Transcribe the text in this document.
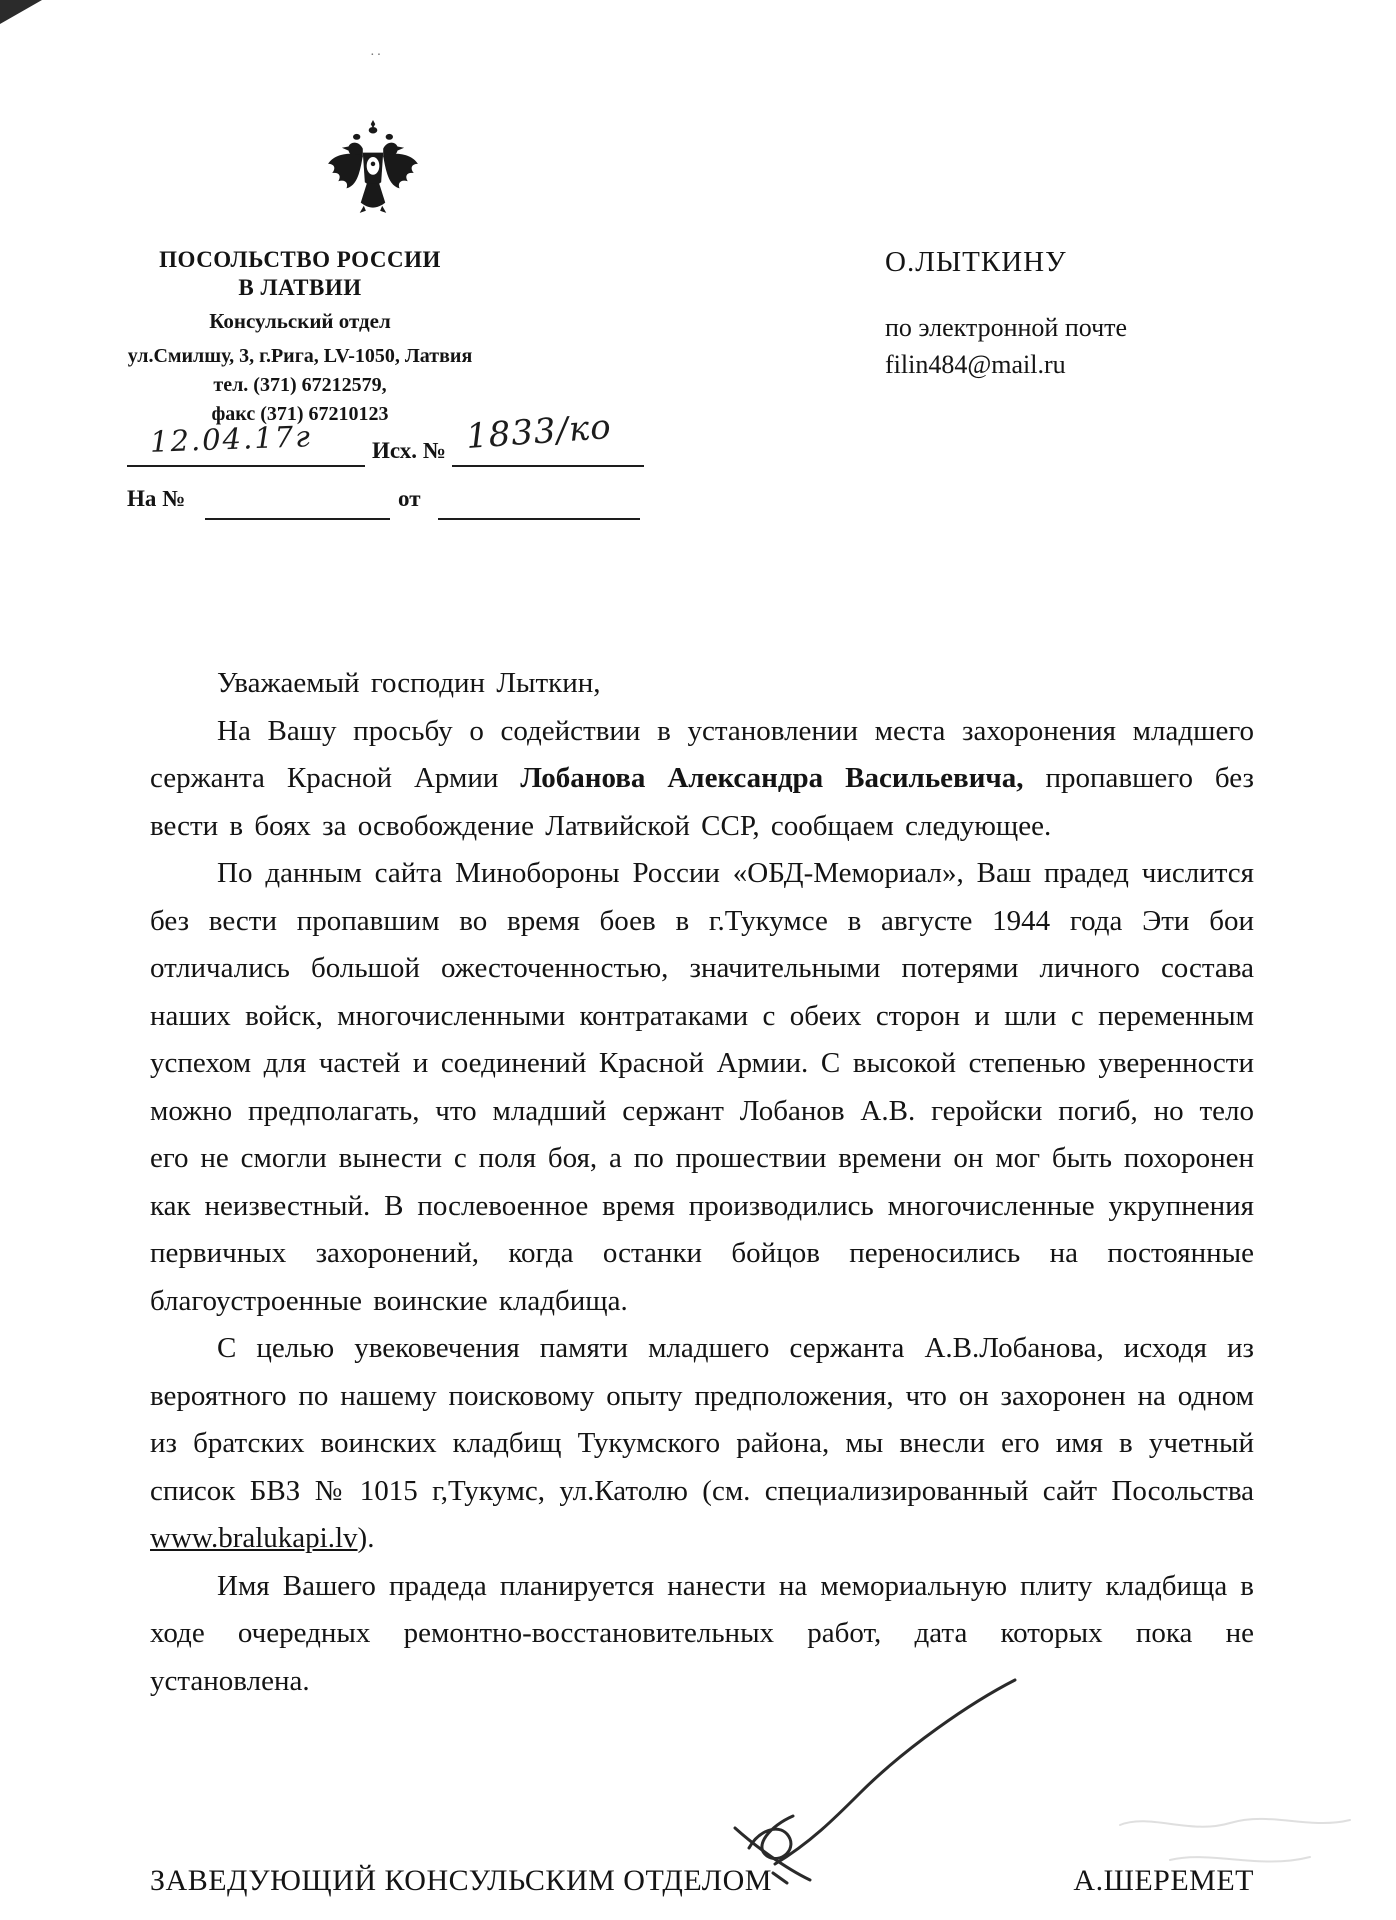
··
ПОСОЛЬСТВО РОССИИ
В ЛАТВИИ
Консульский отдел
ул.Смилшу, 3, г.Рига, LV-1050, Латвия
тел. (371) 67212579,
факс (371) 67210123
12.04.17г	Исх. № 1833/ко
На №	от
О.ЛЫТКИНУ
по электронной почте
filin484@mail.ru

Уважаемый господин Лыткин,

На Вашу просьбу о содействии в установлении места захоронения младшего сержанта Красной Армии Лобанова Александра Васильевича, пропавшего без вести в боях за освобождение Латвийской ССР, сообщаем следующее.

По данным сайта Минобороны России «ОБД-Мемориал», Ваш прадед числится без вести пропавшим во время боев в г.Тукумсе в августе 1944 года Эти бои отличались большой ожесточенностью, значительными потерями личного состава наших войск, многочисленными контратаками с обеих сторон и шли с переменным успехом для частей и соединений Красной Армии. С высокой степенью уверенности можно предполагать, что младший сержант Лобанов А.В. геройски погиб, но тело его не смогли вынести с поля боя, а по прошествии времени он мог быть похоронен как неизвестный. В послевоенное время производились многочисленные укрупнения первичных захоронений, когда останки бойцов переносились на постоянные благоустроенные воинские кладбища.

С целью увековечения памяти младшего сержанта А.В.Лобанова, исходя из вероятного по нашему поисковому опыту предположения, что он захоронен на одном из братских воинских кладбищ Тукумского района, мы внесли его имя в учетный список БВЗ № 1015 г,Тукумс, ул.Католю (см. специализированный сайт Посольства www.bralukapi.lv).

Имя Вашего прадеда планируется нанести на мемориальную плиту кладбища в ходе очередных ремонтно-восстановительных работ, дата которых пока не установлена.

ЗАВЕДУЮЩИЙ КОНСУЛЬСКИМ ОТДЕЛОМ	А.ШЕРЕМЕТ
